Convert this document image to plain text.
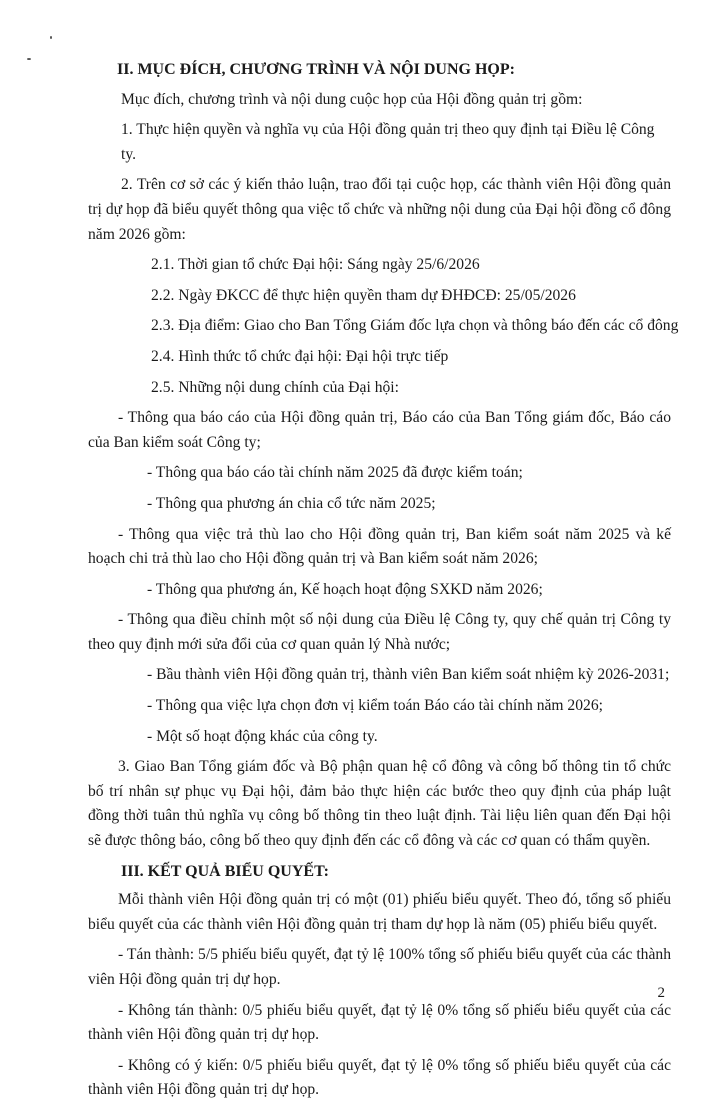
II. MỤC ĐÍCH, CHƯƠNG TRÌNH VÀ NỘI DUNG HỌP:

Mục đích, chương trình và nội dung cuộc họp của Hội đồng quản trị gồm:

1. Thực hiện quyền và nghĩa vụ của Hội đồng quản trị theo quy định tại Điều lệ Công ty.

2. Trên cơ sở các ý kiến thảo luận, trao đổi tại cuộc họp, các thành viên Hội đồng quản trị dự họp đã biểu quyết thông qua việc tổ chức và những nội dung của Đại hội đồng cổ đông năm 2026 gồm:

2.1. Thời gian tổ chức Đại hội: Sáng ngày 25/6/2026

2.2. Ngày ĐKCC để thực hiện quyền tham dự ĐHĐCĐ: 25/05/2026

2.3. Địa điểm: Giao cho Ban Tổng Giám đốc lựa chọn và thông báo đến các cổ đông

2.4. Hình thức tổ chức đại hội: Đại hội trực tiếp

2.5. Những nội dung chính của Đại hội:

- Thông qua báo cáo của Hội đồng quản trị, Báo cáo của Ban Tổng giám đốc, Báo cáo của Ban kiểm soát Công ty;

- Thông qua báo cáo tài chính năm 2025 đã được kiểm toán;

- Thông qua phương án chia cổ tức năm 2025;

- Thông qua việc trả thù lao cho Hội đồng quản trị, Ban kiểm soát năm 2025 và kế hoạch chi trả thù lao cho Hội đồng quản trị và Ban kiểm soát năm 2026;

- Thông qua phương án, Kế hoạch hoạt động SXKD năm 2026;

- Thông qua điều chỉnh một số nội dung của Điều lệ Công ty, quy chế quản trị Công ty theo quy định mới sửa đổi của cơ quan quản lý Nhà nước;

- Bầu thành viên Hội đồng quản trị, thành viên Ban kiểm soát nhiệm kỳ 2026-2031;

- Thông qua việc lựa chọn đơn vị kiểm toán Báo cáo tài chính năm 2026;

- Một số hoạt động khác của công ty.

3. Giao Ban Tổng giám đốc và Bộ phận quan hệ cổ đông và công bố thông tin tổ chức bố trí nhân sự phục vụ Đại hội, đảm bảo thực hiện các bước theo quy định của pháp luật đồng thời tuân thủ nghĩa vụ công bố thông tin theo luật định. Tài liệu liên quan đến Đại hội sẽ được thông báo, công bố theo quy định đến các cổ đông và các cơ quan có thẩm quyền.

III. KẾT QUẢ BIỂU QUYẾT:

Mỗi thành viên Hội đồng quản trị có một (01) phiếu biểu quyết. Theo đó, tổng số phiếu biểu quyết của các thành viên Hội đồng quản trị tham dự họp là năm (05) phiếu biểu quyết.

- Tán thành: 5/5 phiếu biểu quyết, đạt tỷ lệ 100% tổng số phiếu biểu quyết của các thành viên Hội đồng quản trị dự họp.

- Không tán thành: 0/5 phiếu biểu quyết, đạt tỷ lệ 0% tổng số phiếu biểu quyết của các thành viên Hội đồng quản trị dự họp.

- Không có ý kiến: 0/5 phiếu biểu quyết, đạt tỷ lệ 0% tổng số phiếu biểu quyết của các thành viên Hội đồng quản trị dự họp.

2
